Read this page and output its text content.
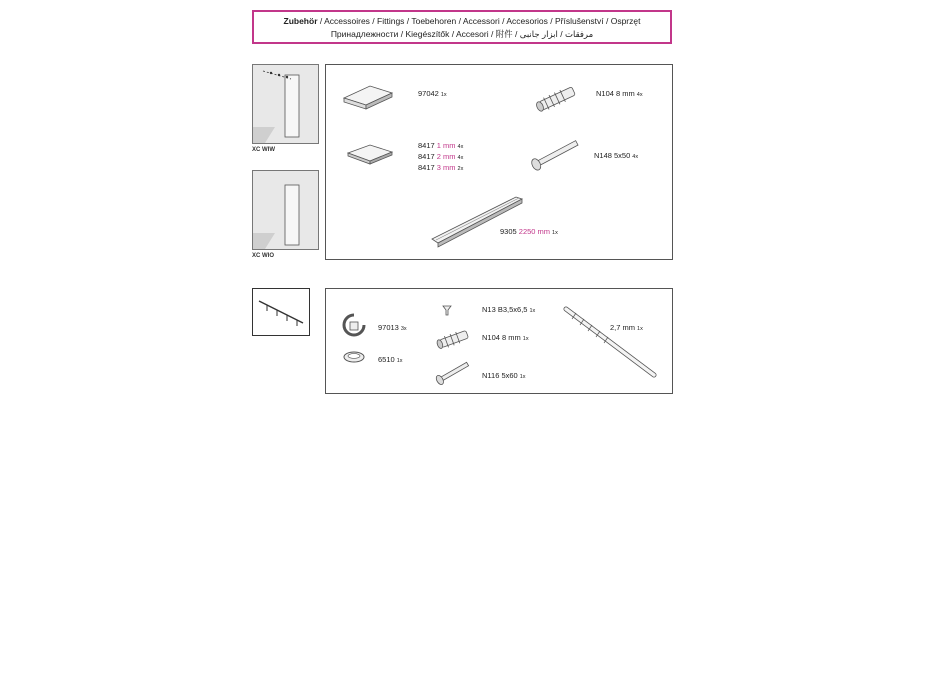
Zubehör / Accessoires / Fittings / Toebehoren / Accessori / Accesorios / Příslušenství / Osprzęt
Принадлежности / Kiegészítők / Accesori / 附件 / مرفقات / ابزار جانبی
XC WIW
XC WIO
97042 1x	N104 8 mm 4x
8417 1 mm 4x
8417 2 mm 4x
8417 3 mm 2x
N148 5x50 4x
9305 2250 mm 1x
97013 3x
6510 1x
N13 B3,5x6,5 1x
N104 8 mm 1x
N116 5x60 1x
2,7 mm 1x
